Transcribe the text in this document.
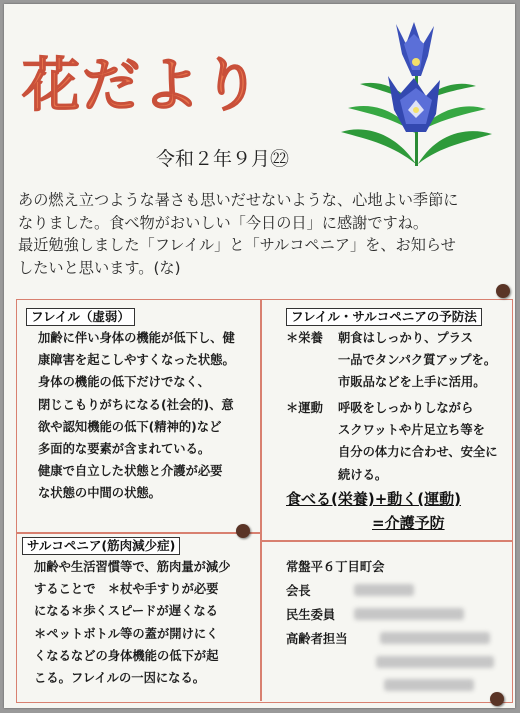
花だより
令和２年９月㉒
あの燃え立つような暑さも思いだせないような、心地よい季節に
なりました。食べ物がおいしい「今日の日」に感謝ですね。
最近勉強しました「フレイル」と「サルコペニア」を、お知らせ
したいと思います。(な)
フレイル（虚弱）
加齢に伴い身体の機能が低下し、健
康障害を起こしやすくなった状態。
身体の機能の低下だけでなく、
閉じこもりがちになる(社会的)、意
欲や認知機能の低下(精神的)など
多面的な要素が含まれている。
健康で自立した状態と介護が必要
な状態の中間の状態。
フレイル・サルコペニアの予防法
＊栄養 朝食はしっかり、プラス
一品でタンパク質アップを。
市販品などを上手に活用。
＊運動 呼吸をしっかりしながら
スクワットや片足立ち等を
自分の体力に合わせ、安全に
続ける。
食べる(栄養)+動く(運動)
=介護予防
サルコペニア(筋肉減少症)
加齢や生活習慣等で、筋肉量が減少
することで　＊杖や手すりが必要
になる＊歩くスピードが遅くなる
＊ペットボトル等の蓋が開けにく
くなるなどの身体機能の低下が起
こる。フレイルの一因になる。
常盤平６丁目町会
会長
民生委員
高齢者担当
